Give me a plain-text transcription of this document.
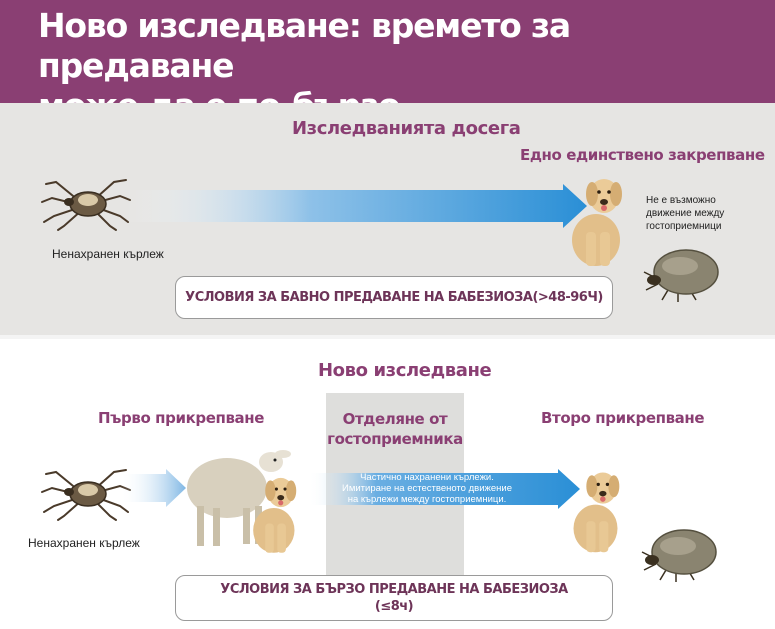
Ново изследване: времето за предаване
Изследванията досега
Едно единствено закрепване
Ненахранен кърлеж
Не е възможно
движение между
гостоприемници
УСЛОВИЯ ЗА БАВНО ПРЕДАВАНЕ НА БАБЕЗИОЗА(>48-96Ч)
Ново изследване
Първо прикрепване	Отделяне от
гостоприемника
Второ прикрепване
Ненахранен кърлеж
Частично нахранени кърлежи.
Имитиране на естественото движение
на кърлежи между гостоприемници.
УСЛОВИЯ ЗА БЪРЗО ПРЕДАВАНЕ НА БАБЕЗИОЗА
(≤8ч)
